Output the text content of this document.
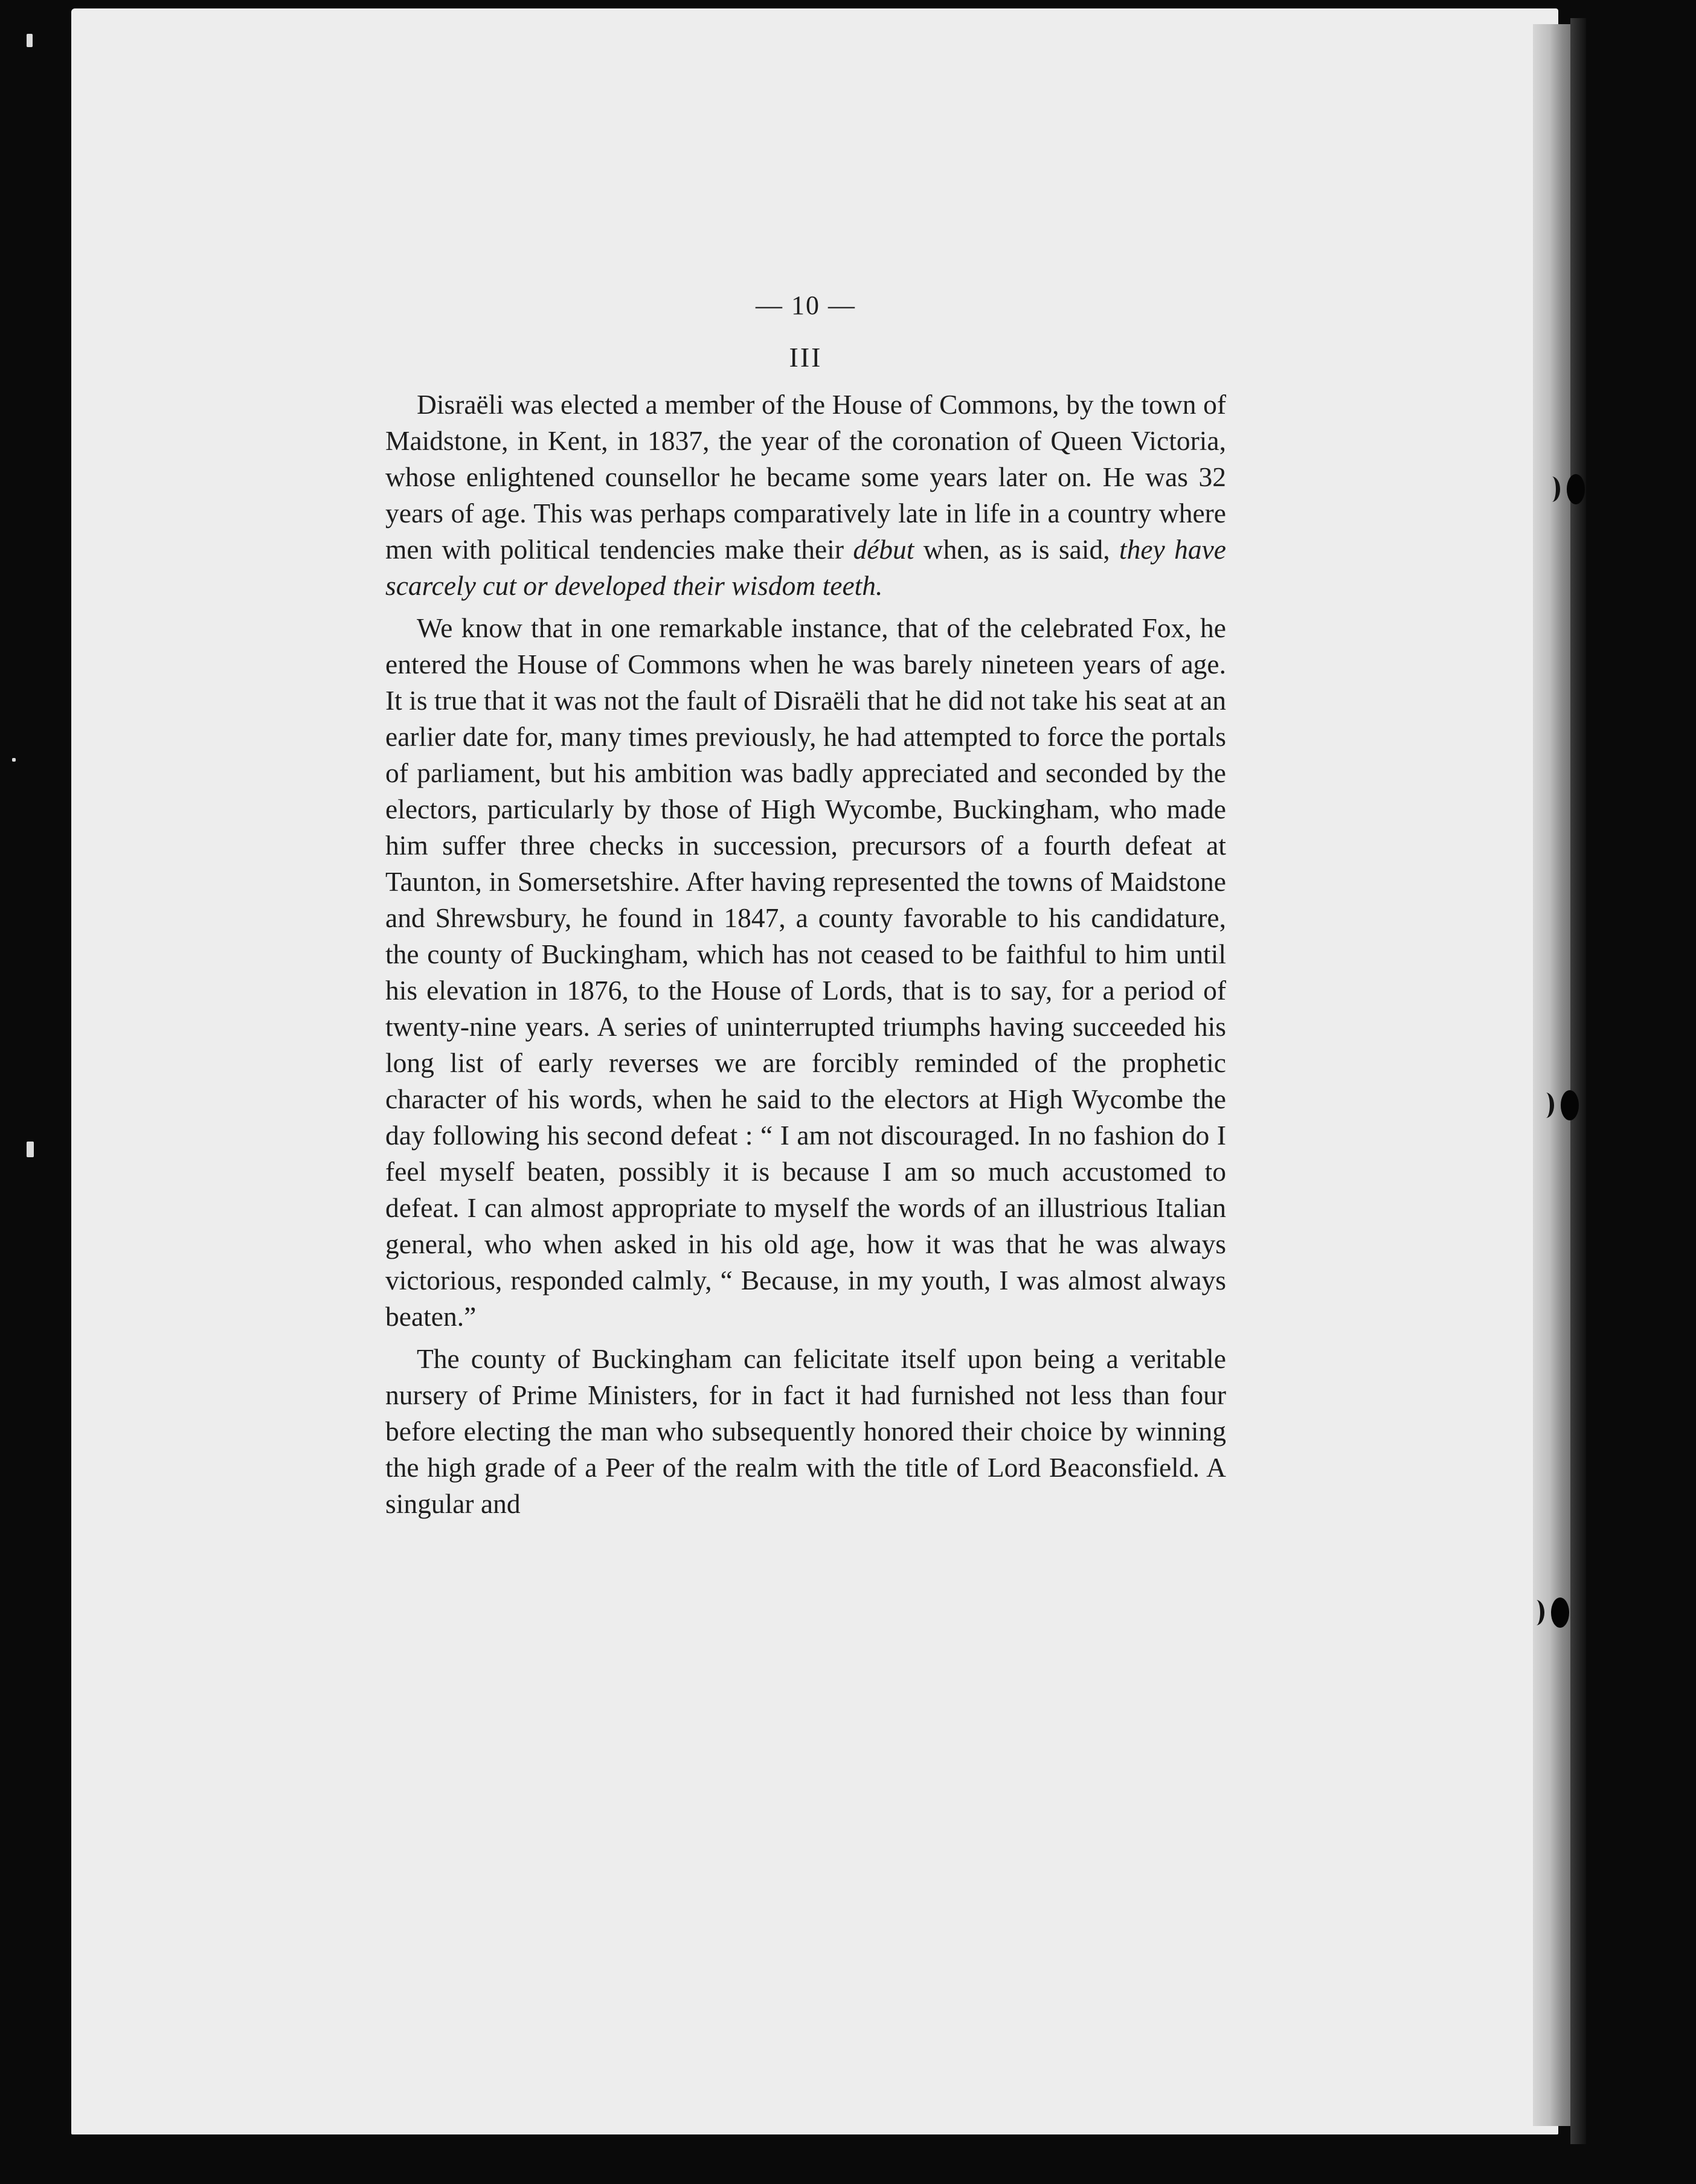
— 10 —
III

Disraëli was elected a member of the House of Commons, by the town of Maidstone, in Kent, in 1837, the year of the coronation of Queen Victoria, whose enlightened counsellor he became some years later on. He was 32 years of age. This was perhaps comparatively late in life in a country where men with political tendencies make their début when, as is said, they have scarcely cut or developed their wisdom teeth.

We know that in one remarkable instance, that of the celebrated Fox, he entered the House of Commons when he was barely nineteen years of age. It is true that it was not the fault of Disraëli that he did not take his seat at an earlier date for, many times previously, he had attempted to force the portals of parliament, but his ambition was badly appreciated and seconded by the electors, particularly by those of High Wycombe, Buckingham, who made him suffer three checks in succession, precursors of a fourth defeat at Taunton, in Somersetshire. After having represented the towns of Maidstone and Shrewsbury, he found in 1847, a county favorable to his candidature, the county of Buckingham, which has not ceased to be faithful to him until his elevation in 1876, to the House of Lords, that is to say, for a period of twenty-nine years. A series of uninterrupted triumphs having succeeded his long list of early reverses we are forcibly reminded of the prophetic character of his words, when he said to the electors at High Wycombe the day following his second defeat : “ I am not discouraged. In no fashion do I feel myself beaten, possibly it is because I am so much accustomed to defeat. I can almost appropriate to myself the words of an illustrious Italian general, who when asked in his old age, how it was that he was always victorious, responded calmly, “ Because, in my youth, I was almost always beaten.”

The county of Buckingham can felicitate itself upon being a veritable nursery of Prime Ministers, for in fact it had furnished not less than four before electing the man who subsequently honored their choice by winning the high grade of a Peer of the realm with the title of Lord Beaconsfield. A singular and
